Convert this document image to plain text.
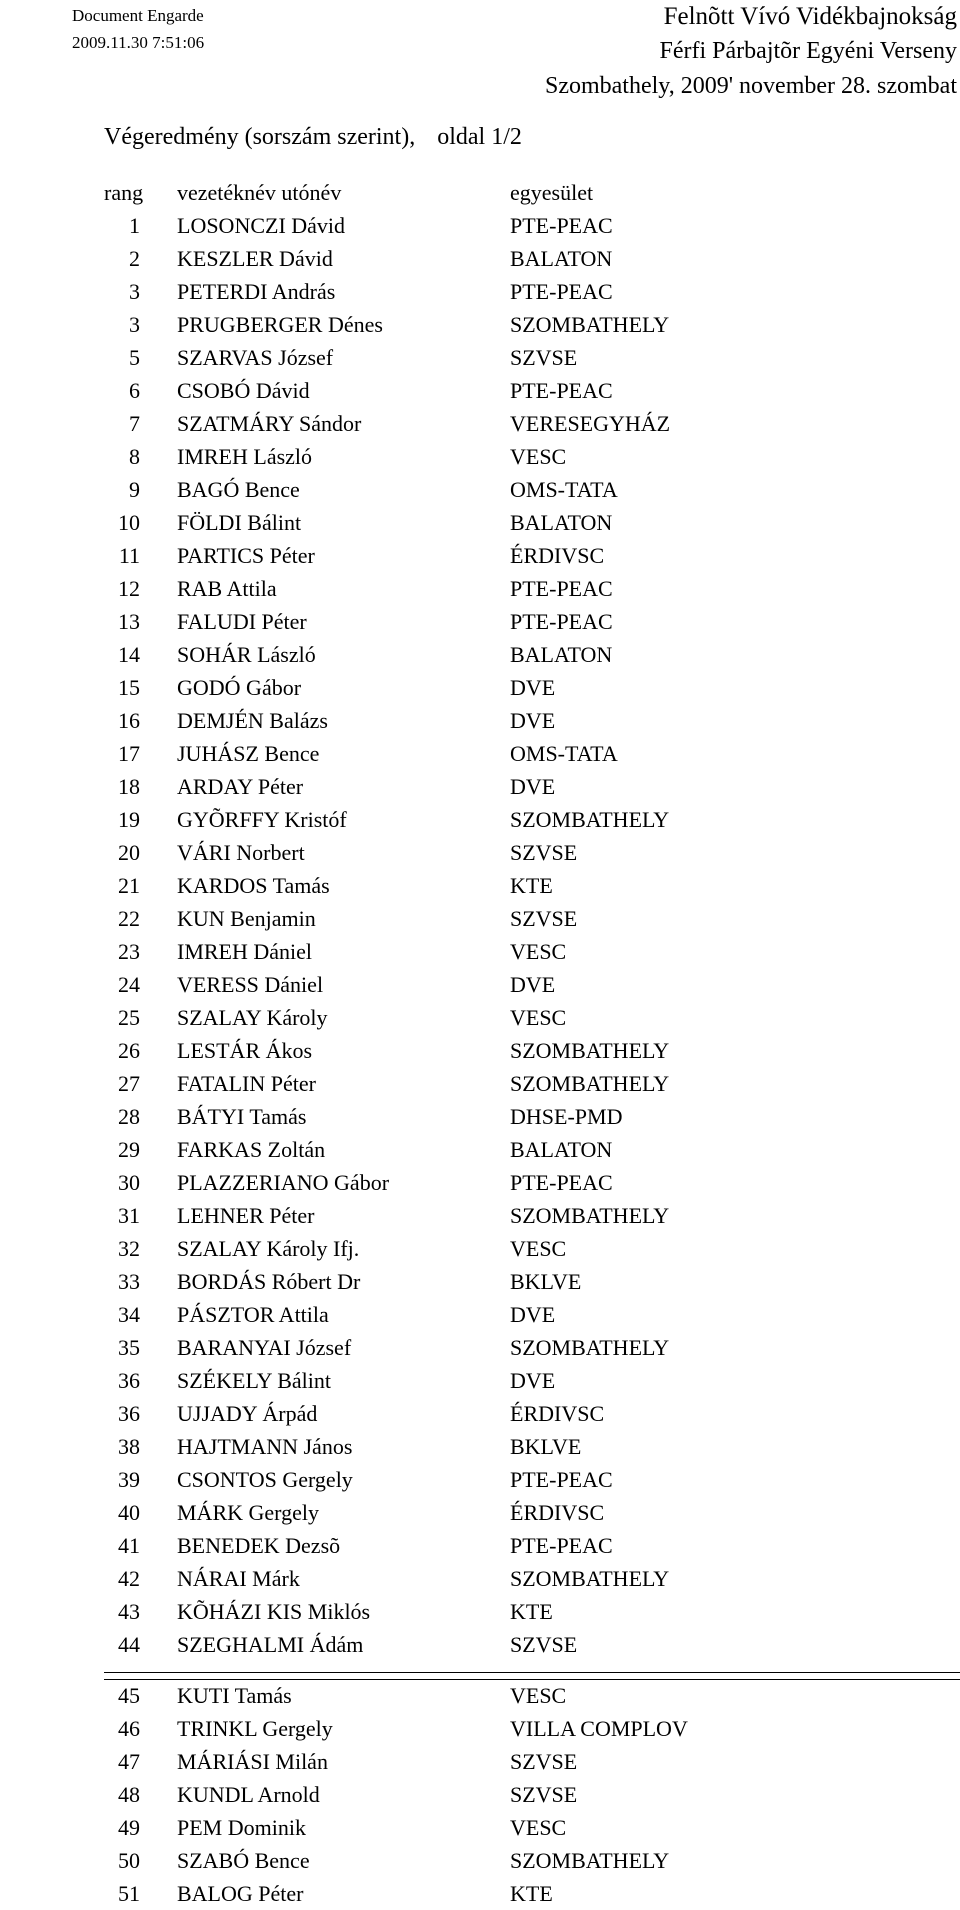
Document Engarde
2009.11.30 7:51:06
Felnõtt Vívó Vidékbajnokság
Férfi Párbajtõr Egyéni Verseny
Szombathely, 2009' november 28. szombat
Végeredmény (sorszám szerint), oldal 1/2
rang vezetéknév utónév	egyesület
1 LOSONCZI Dávid	PTE-PEAC
2 KESZLER Dávid	BALATON
3 PETERDI András	PTE-PEAC
3 PRUGBERGER Dénes	SZOMBATHELY
5 SZARVAS József	SZVSE
6 CSOBÓ Dávid	PTE-PEAC
7 SZATMÁRY Sándor	VERESEGYHÁZ
8 IMREH László	VESC
9 BAGÓ Bence	OMS-TATA
10 FÖLDI Bálint	BALATON
11 PARTICS Péter	ÉRDIVSC
12 RAB Attila	PTE-PEAC
13 FALUDI Péter	PTE-PEAC
14 SOHÁR László	BALATON
15 GODÓ Gábor	DVE
16 DEMJÉN Balázs	DVE
17 JUHÁSZ Bence	OMS-TATA
18 ARDAY Péter	DVE
19 GYÕRFFY Kristóf	SZOMBATHELY
20 VÁRI Norbert	SZVSE
21 KARDOS Tamás	KTE
22 KUN Benjamin	SZVSE
23 IMREH Dániel	VESC
24 VERESS Dániel	DVE
25 SZALAY Károly	VESC
26 LESTÁR Ákos	SZOMBATHELY
27 FATALIN Péter	SZOMBATHELY
28 BÁTYI Tamás	DHSE-PMD
29 FARKAS Zoltán	BALATON
30 PLAZZERIANO Gábor	PTE-PEAC
31 LEHNER Péter	SZOMBATHELY
32 SZALAY Károly Ifj.	VESC
33 BORDÁS Róbert Dr	BKLVE
34 PÁSZTOR Attila	DVE
35 BARANYAI József	SZOMBATHELY
36 SZÉKELY Bálint	DVE
36 UJJADY Árpád	ÉRDIVSC
38 HAJTMANN János	BKLVE
39 CSONTOS Gergely	PTE-PEAC
40 MÁRK Gergely	ÉRDIVSC
41 BENEDEK Dezsõ	PTE-PEAC
42 NÁRAI Márk	SZOMBATHELY
43 KÕHÁZI KIS Miklós	KTE
44 SZEGHALMI Ádám	SZVSE
45 KUTI Tamás	VESC
46 TRINKL Gergely	VILLA COMPLOV
47 MÁRIÁSI Milán	SZVSE
48 KUNDL Arnold	SZVSE
49 PEM Dominik	VESC
50 SZABÓ Bence	SZOMBATHELY
51 BALOG Péter	KTE
